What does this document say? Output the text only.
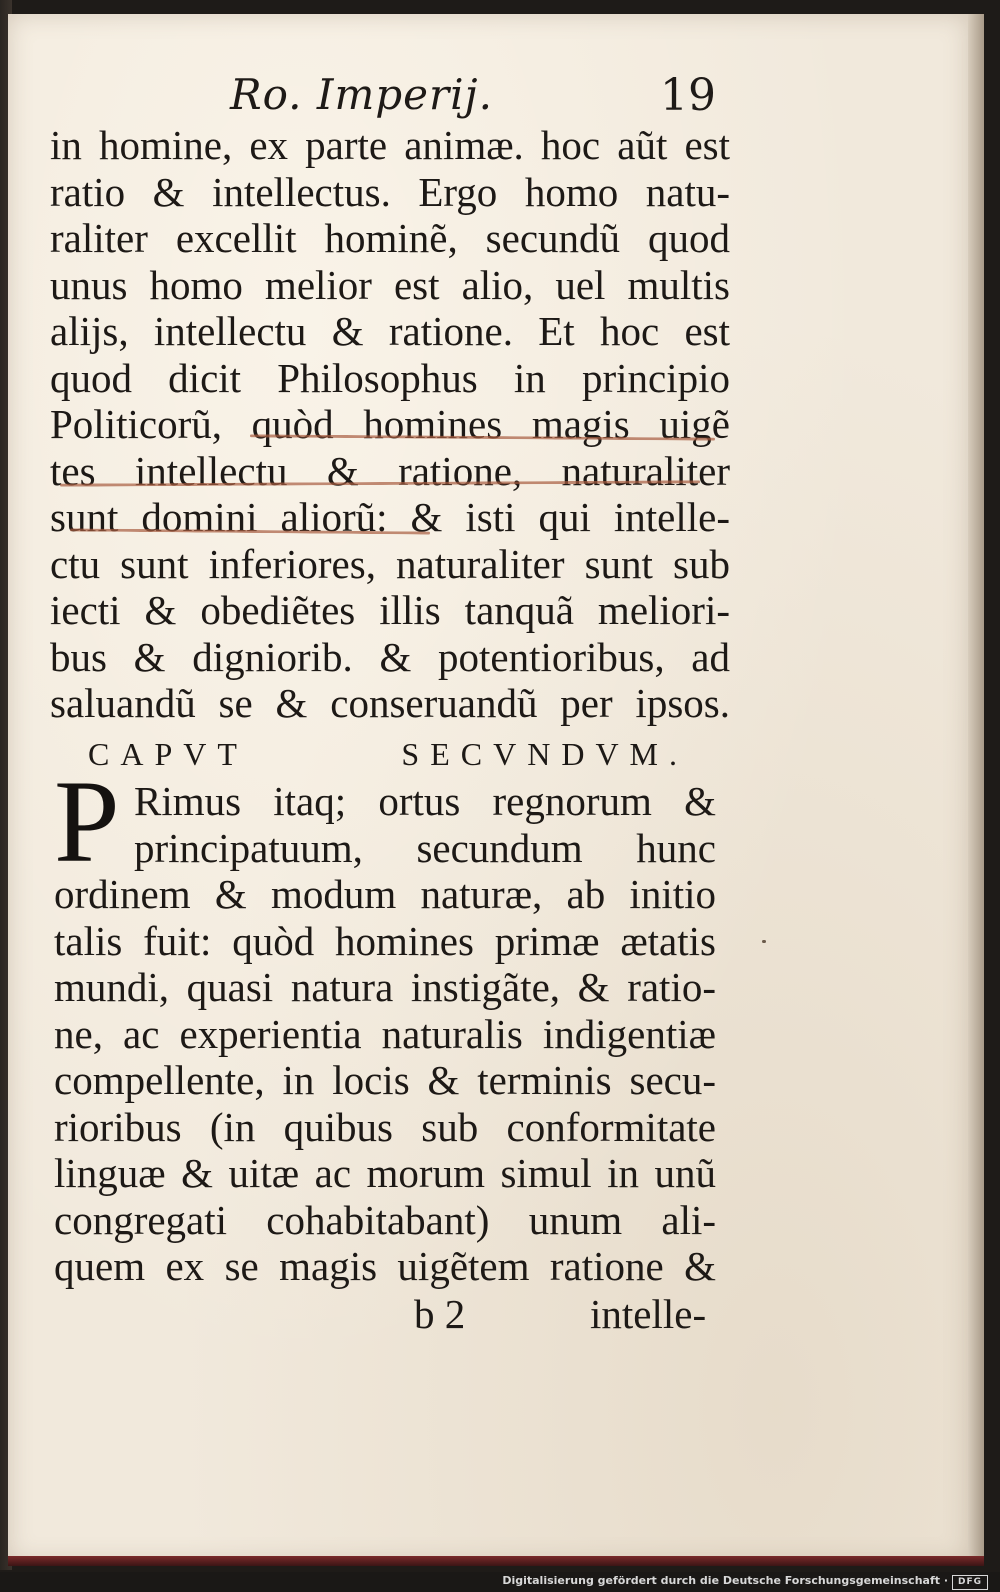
Ro. Imperij.	19
in homine, ex parte animæ. hoc aũt est
ratio & intellectus. Ergo homo natu-
raliter excellit hominẽ, secundũ quod
unus homo melior est alio, uel multis
alijs, intellectu & ratione. Et hoc est
quod dicit Philosophus in principio
Politicorũ, quòd homines magis uigẽ
tes intellectu & ratione, naturaliter
sunt domini aliorũ: & isti qui intelle-
ctu sunt inferiores, naturaliter sunt sub
iecti & obediẽtes illis tanquã meliori-
bus & digniorib. & potentioribus, ad
saluandũ se & conseruandũ per ipsos.
CAPVT SECVNDVM.
P Rimus itaq; ortus regnorum &
principatuum, secundum hunc
ordinem & modum naturæ, ab initio
talis fuit: quòd homines primæ ætatis
mundi, quasi natura instigãte, & ratio-
ne, ac experientia naturalis indigentiæ
compellente, in locis & terminis secu-
rioribus (in quibus sub conformitate
linguæ & uitæ ac morum simul in unũ
congregati cohabitabant) unum ali-
quem ex se magis uigẽtem ratione &
b 2	intelle-
Digitalisierung gefördert durch die Deutsche Forschungsgemeinschaft ·	DFG
